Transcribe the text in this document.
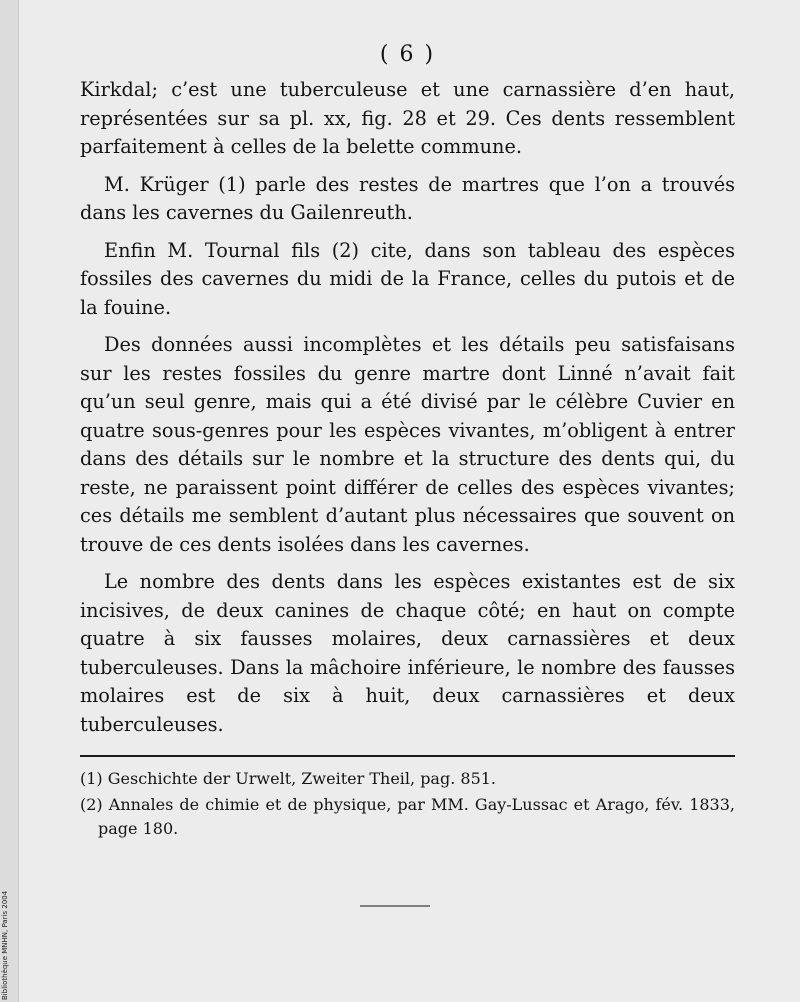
Bibliothèque MNHN, Paris 2004
( 6 )

Kirkdal; c’est une tuberculeuse et une carnassière d’en haut, représentées sur sa pl. xx, fig. 28 et 29. Ces dents ressemblent parfaitement à celles de la belette commune.

M. Krüger (1) parle des restes de martres que l’on a trouvés dans les cavernes du Gailenreuth.

Enfin M. Tournal fils (2) cite, dans son tableau des espèces fossiles des cavernes du midi de la France, celles du putois et de la fouine.

Des données aussi incomplètes et les détails peu satisfaisans sur les restes fossiles du genre martre dont Linné n’avait fait qu’un seul genre, mais qui a été divisé par le célèbre Cuvier en quatre sous-genres pour les espèces vivantes, m’obligent à entrer dans des détails sur le nombre et la structure des dents qui, du reste, ne paraissent point différer de celles des espèces vivantes; ces détails me semblent d’autant plus nécessaires que souvent on trouve de ces dents isolées dans les cavernes.

Le nombre des dents dans les espèces existantes est de six incisives, de deux canines de chaque côté; en haut on compte quatre à six fausses molaires, deux carnassières et deux tuberculeuses. Dans la mâchoire inférieure, le nombre des fausses molaires est de six à huit, deux carnassières et deux tuberculeuses.

(1) Geschichte der Urwelt, Zweiter Theil, pag. 851.

(2) Annales de chimie et de physique, par MM. Gay-Lussac et Arago, fév. 1833, page 180.
